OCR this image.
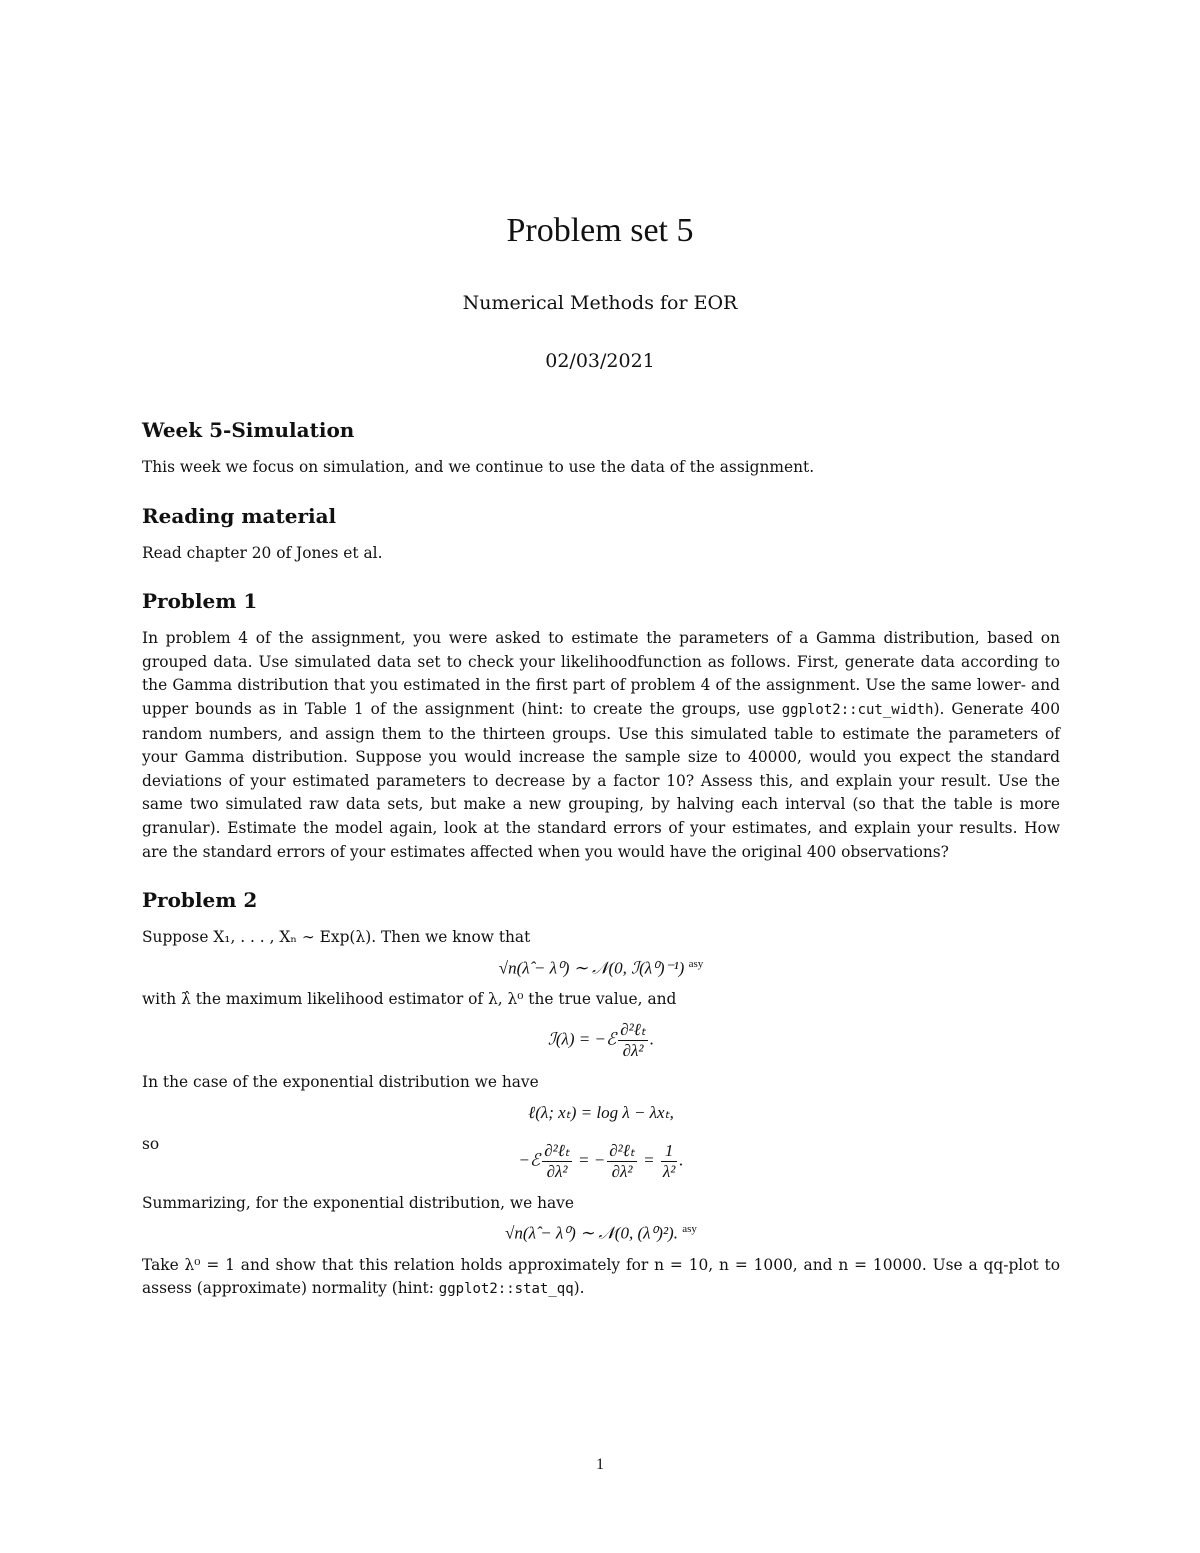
Problem set 5
Numerical Methods for EOR
02/03/2021
Week 5-Simulation

This week we focus on simulation, and we continue to use the data of the assignment.

Reading material

Read chapter 20 of Jones et al.

Problem 1

In problem 4 of the assignment, you were asked to estimate the parameters of a Gamma distribution, based on grouped data. Use simulated data set to check your likelihoodfunction as follows. First, generate data according to the Gamma distribution that you estimated in the first part of problem 4 of the assignment. Use the same lower- and upper bounds as in Table 1 of the assignment (hint: to create the groups, use ggplot2::cut_width). Generate 400 random numbers, and assign them to the thirteen groups. Use this simulated table to estimate the parameters of your Gamma distribution. Suppose you would increase the sample size to 40000, would you expect the standard deviations of your estimated parameters to decrease by a factor 10? Assess this, and explain your result. Use the same two simulated raw data sets, but make a new grouping, by halving each interval (so that the table is more granular). Estimate the model again, look at the standard errors of your estimates, and explain your results. How are the standard errors of your estimates affected when you would have the original 400 observations?

Problem 2

Suppose X₁, . . . , Xₙ ∼ Exp(λ). Then we know that

√n(λ̂ − λ⁰) ∼ 𝒩(0, ℐ(λ⁰)⁻¹) $^{asy}$

with λ̂ the maximum likelihood estimator of λ, λ⁰ the true value, and

ℐ(λ) = −ℰ $\frac{\text{∂²ℓₜ}}{\text{∂λ²}}$ .

In the case of the exponential distribution we have

ℓ(λ; xₜ) = log λ − λxₜ,

so

−ℰ $\frac{\text{∂²ℓₜ}}{\text{∂λ²}}$ = − $\frac{\text{∂²ℓₜ}}{\text{∂λ²}} = \frac{1}{\text{λ²}}$ .

Summarizing, for the exponential distribution, we have

√n(λ̂ − λ⁰) ∼ 𝒩(0, (λ⁰)²). $^{asy}$

Take λ⁰ = 1 and show that this relation holds approximately for n = 10, n = 1000, and n = 10000. Use a qq-plot to assess (approximate) normality (hint: ggplot2::stat_qq).

1
